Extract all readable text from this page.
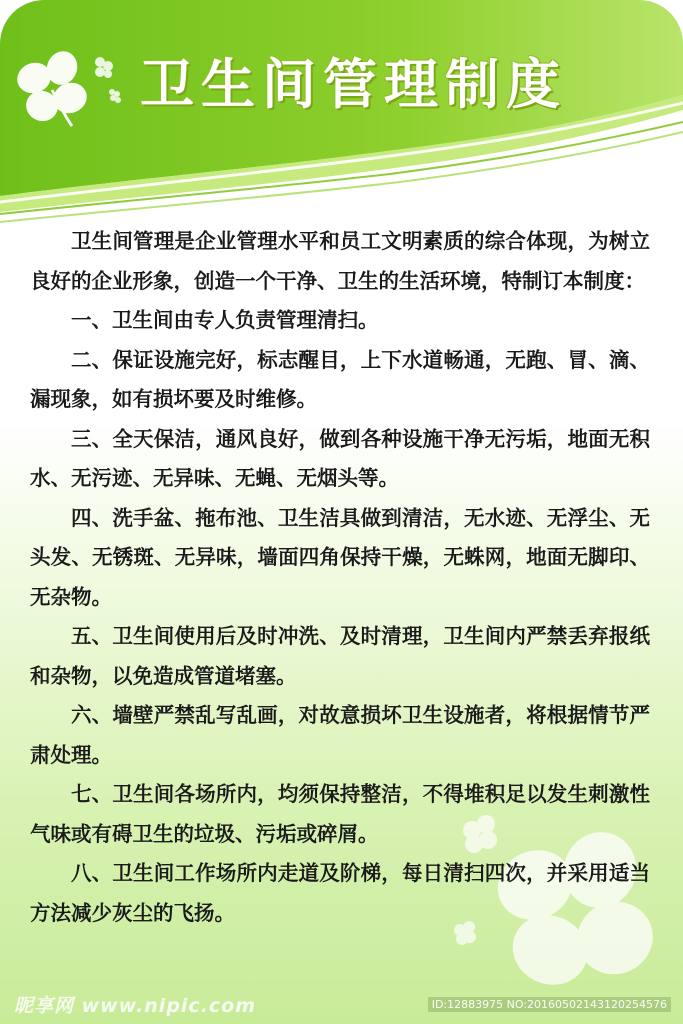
卫生间管理制度

卫生间管理是企业管理水平和员工文明素质的综合体现，为树立良好的企业形象，创造一个干净、卫生的生活环境，特制订本制度：

一、卫生间由专人负责管理清扫。

二、保证设施完好，标志醒目，上下水道畅通，无跑、冒、滴、漏现象，如有损坏要及时维修。

三、全天保洁，通风良好，做到各种设施干净无污垢，地面无积水、无污迹、无异味、无蝇、无烟头等。

四、洗手盆、拖布池、卫生洁具做到清洁，无水迹、无浮尘、无头发、无锈斑、无异味，墙面四角保持干燥，无蛛网，地面无脚印、无杂物。

五、卫生间使用后及时冲洗、及时清理，卫生间内严禁丢弃报纸和杂物，以免造成管道堵塞。

六、墙壁严禁乱写乱画，对故意损坏卫生设施者，将根据情节严肃处理。

七、卫生间各场所内，均须保持整洁，不得堆积足以发生刺激性气味或有碍卫生的垃圾、污垢或碎屑。

八、卫生间工作场所内走道及阶梯，每日清扫四次，并采用适当方法减少灰尘的飞扬。

昵享网 www.nipic.com	ID:12883975 NO:20160502143120254576
